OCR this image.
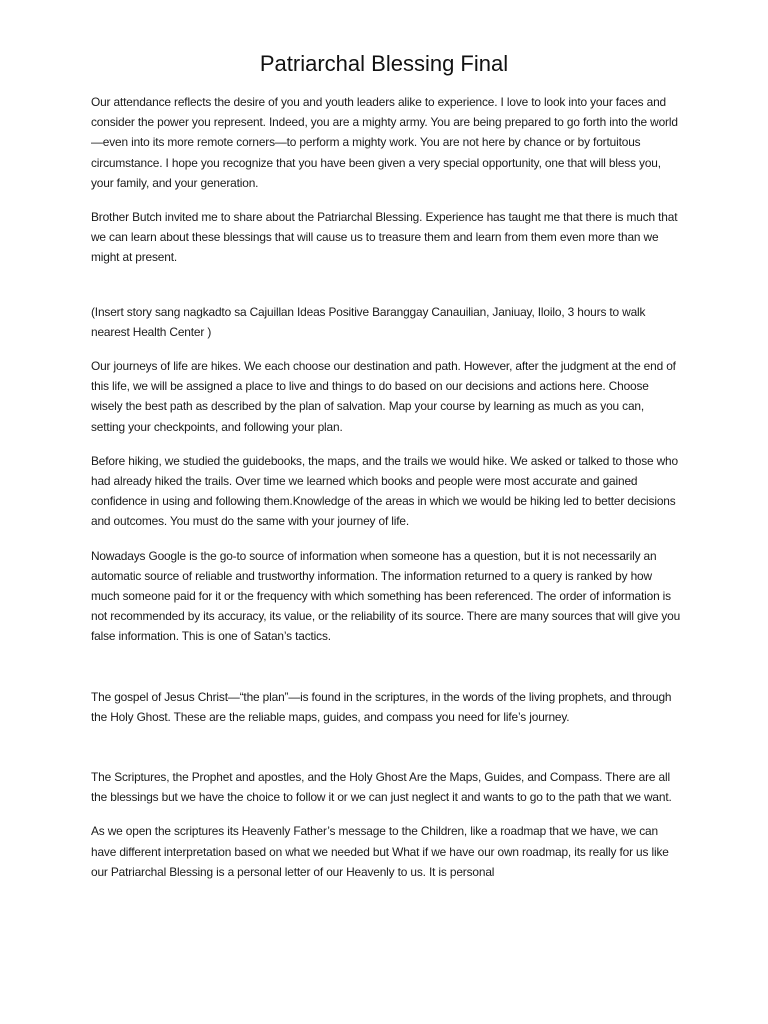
Patriarchal Blessing Final

Our attendance reflects the desire of you and youth leaders alike to experience. I love to look into your faces and consider the power you represent. Indeed, you are a mighty army. You are being prepared to go forth into the world—even into its more remote corners—to perform a mighty work. You are not here by chance or by fortuitous circumstance. I hope you recognize that you have been given a very special opportunity, one that will bless you, your family, and your generation.

Brother Butch invited me to share about the Patriarchal Blessing. Experience has taught me that there is much that we can learn about these blessings that will cause us to treasure them and learn from them even more than we might at present.

(Insert story sang nagkadto sa Cajuillan Ideas Positive Baranggay Canauilian, Janiuay, Iloilo, 3 hours to walk nearest Health Center )

Our journeys of life are hikes. We each choose our destination and path. However, after the judgment at the end of this life, we will be assigned a place to live and things to do based on our decisions and actions here. Choose wisely the best path as described by the plan of salvation. Map your course by learning as much as you can, setting your checkpoints, and following your plan.

Before hiking, we studied the guidebooks, the maps, and the trails we would hike. We asked or talked to those who had already hiked the trails. Over time we learned which books and people were most accurate and gained confidence in using and following them.Knowledge of the areas in which we would be hiking led to better decisions and outcomes. You must do the same with your journey of life.

Nowadays Google is the go-to source of information when someone has a question, but it is not necessarily an automatic source of reliable and trustworthy information. The information returned to a query is ranked by how much someone paid for it or the frequency with which something has been referenced. The order of information is not recommended by its accuracy, its value, or the reliability of its source. There are many sources that will give you false information. This is one of Satan’s tactics.

The gospel of Jesus Christ—“the plan”—is found in the scriptures, in the words of the living prophets, and through the Holy Ghost. These are the reliable maps, guides, and compass you need for life’s journey.

The Scriptures, the Prophet and apostles, and the Holy Ghost Are the Maps, Guides, and Compass. There are all the blessings but we have the choice to follow it or we can just neglect it and wants to go to the path that we want.

As we open the scriptures its Heavenly Father’s message to the Children, like a roadmap that we have, we can have different interpretation based on what we needed but What if we have our own roadmap, its really for us like our Patriarchal Blessing is a personal letter of our Heavenly to us. It is personal
